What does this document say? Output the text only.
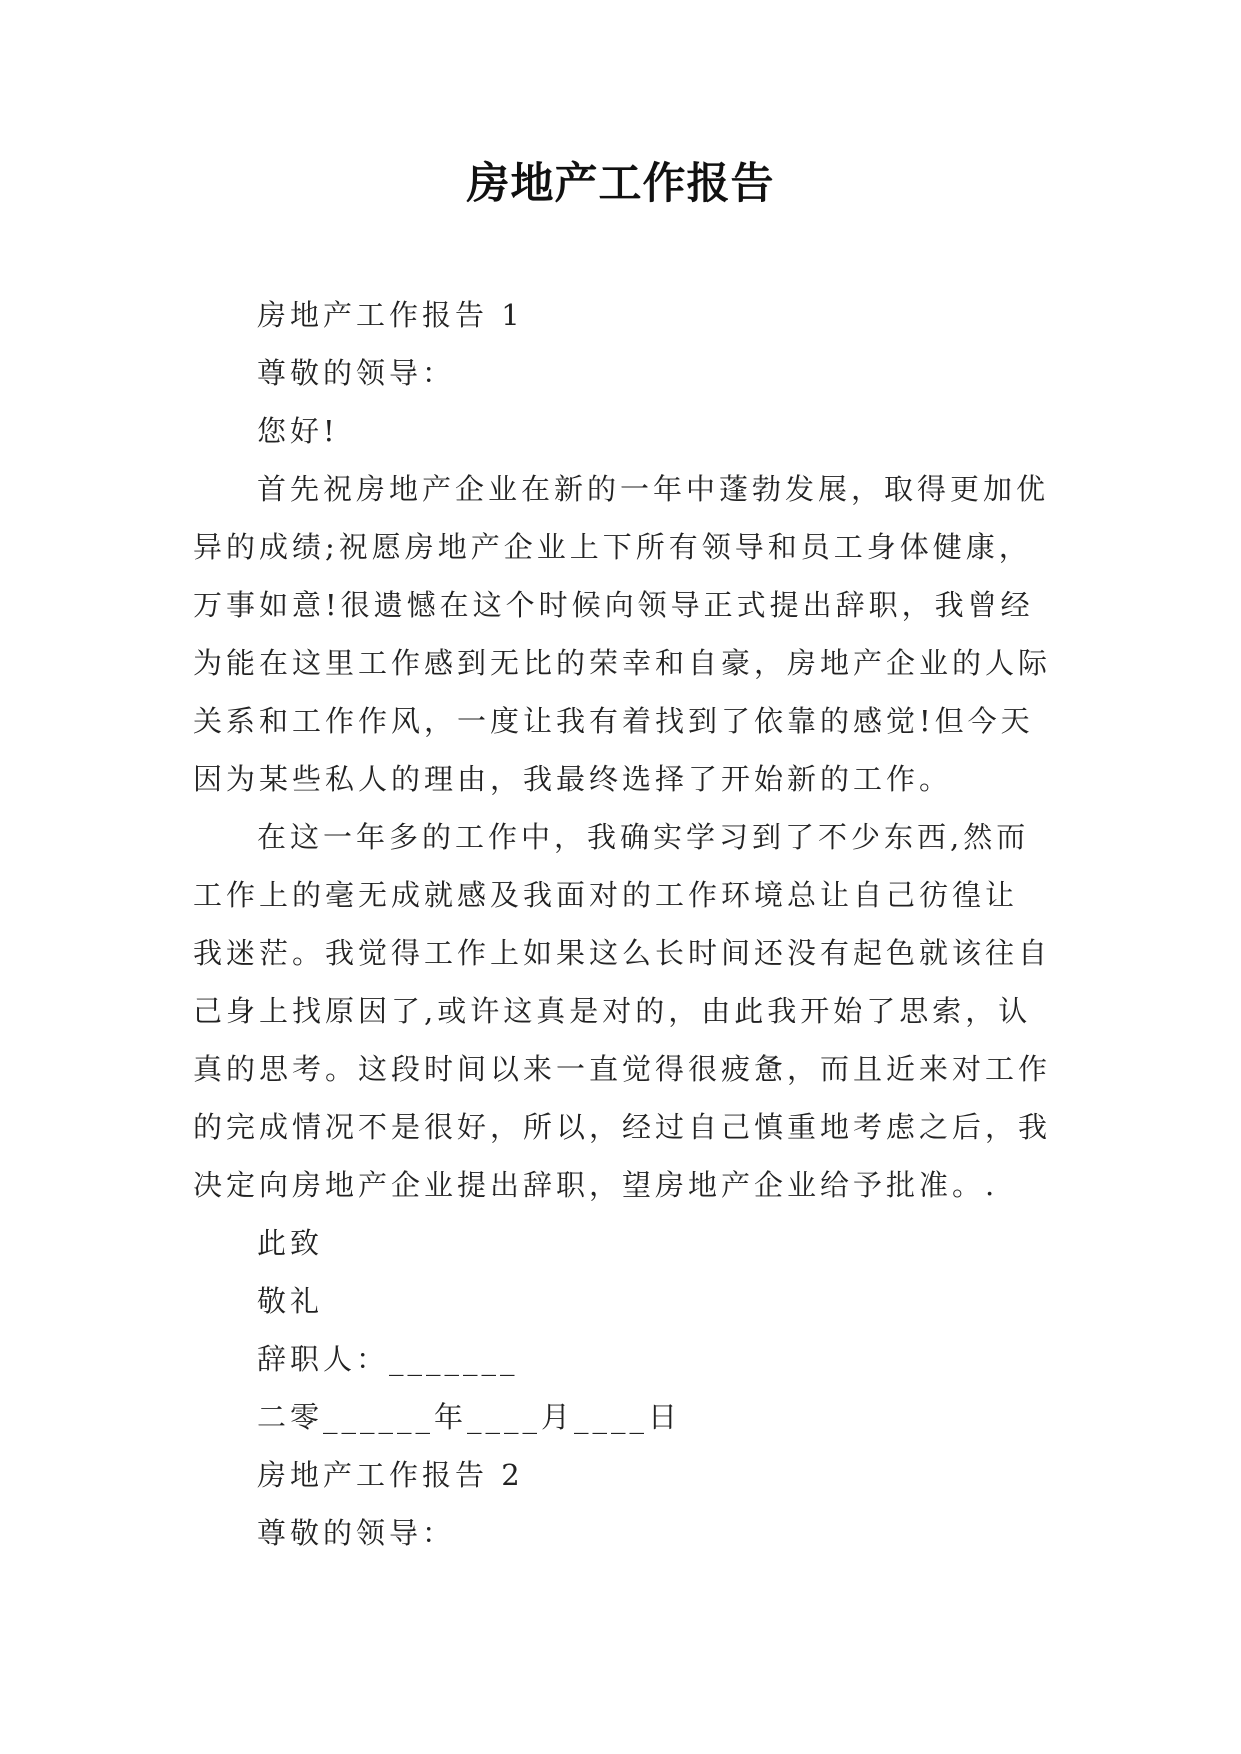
房地产工作报告
房地产工作报告 1
尊敬的领导：
您好!
首先祝房地产企业在新的一年中蓬勃发展，取得更加优
异的成绩;祝愿房地产企业上下所有领导和员工身体健康，
万事如意!很遗憾在这个时候向领导正式提出辞职，我曾经
为能在这里工作感到无比的荣幸和自豪，房地产企业的人际
关系和工作作风，一度让我有着找到了依靠的感觉!但今天
因为某些私人的理由，我最终选择了开始新的工作。
在这一年多的工作中，我确实学习到了不少东西,然而
工作上的毫无成就感及我面对的工作环境总让自己彷徨让
我迷茫。我觉得工作上如果这么长时间还没有起色就该往自
己身上找原因了,或许这真是对的，由此我开始了思索，认
真的思考。这段时间以来一直觉得很疲惫，而且近来对工作
的完成情况不是很好，所以，经过自己慎重地考虑之后，我
决定向房地产企业提出辞职，望房地产企业给予批准。.
此致
敬礼
辞职人：_______
二零______年____月____日
房地产工作报告 2
尊敬的领导：
